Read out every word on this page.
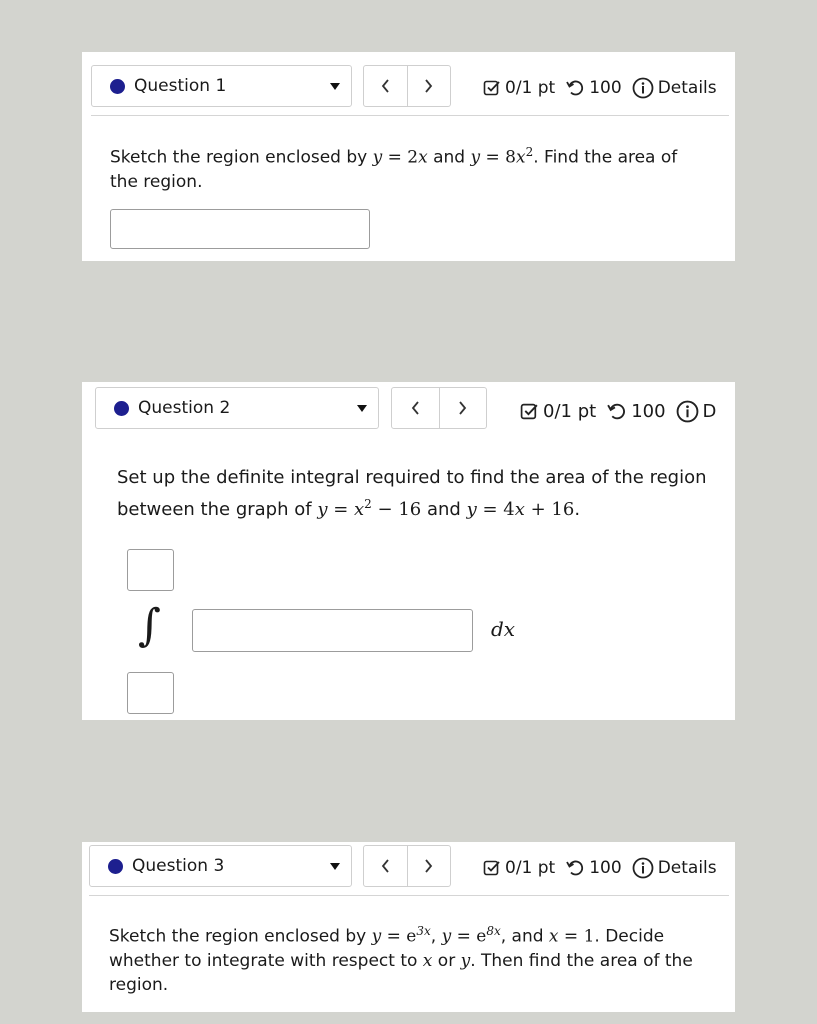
Question 1	0/1 pt 100 Details
Sketch the region enclosed by y = 2x and $y = 8x^2$. Find the area of
the region.
Question 2	0/1 pt 100 D
Set up the definite integral required to find the area of the region
between the graph of $y = x^2 - 16$ and y = 4x + 16.
∫	dx
Question 3	0/1 pt 100 Details
Sketch the region enclosed by $y = e^{3x}$, $y = e^{8x}$, and x = 1. Decide
whether to integrate with respect to x or y. Then find the area of the
region.
